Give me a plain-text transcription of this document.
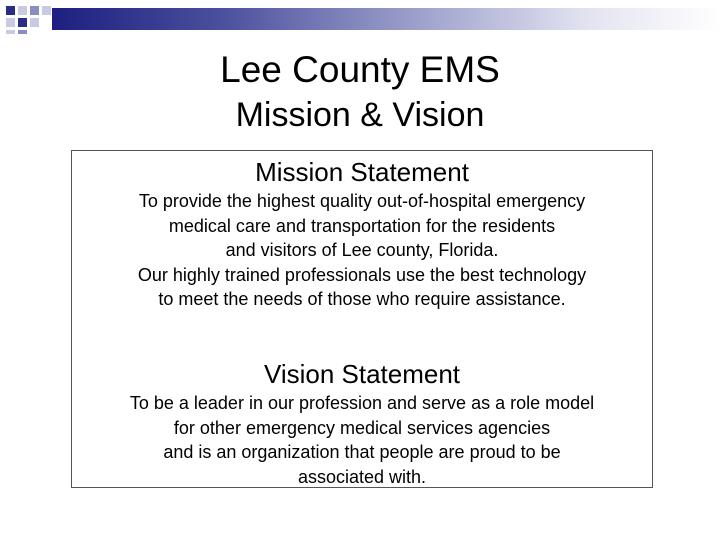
Lee County EMS
Mission & Vision
Mission Statement
To provide the highest quality out-of-hospital emergency
medical care and transportation for the residents
and visitors of Lee county, Florida.
Our highly trained professionals use the best technology
to meet the needs of those who require assistance.
Vision Statement
To be a leader in our profession and serve as a role model
for other emergency medical services agencies
and is an organization that people are proud to be
associated with.
